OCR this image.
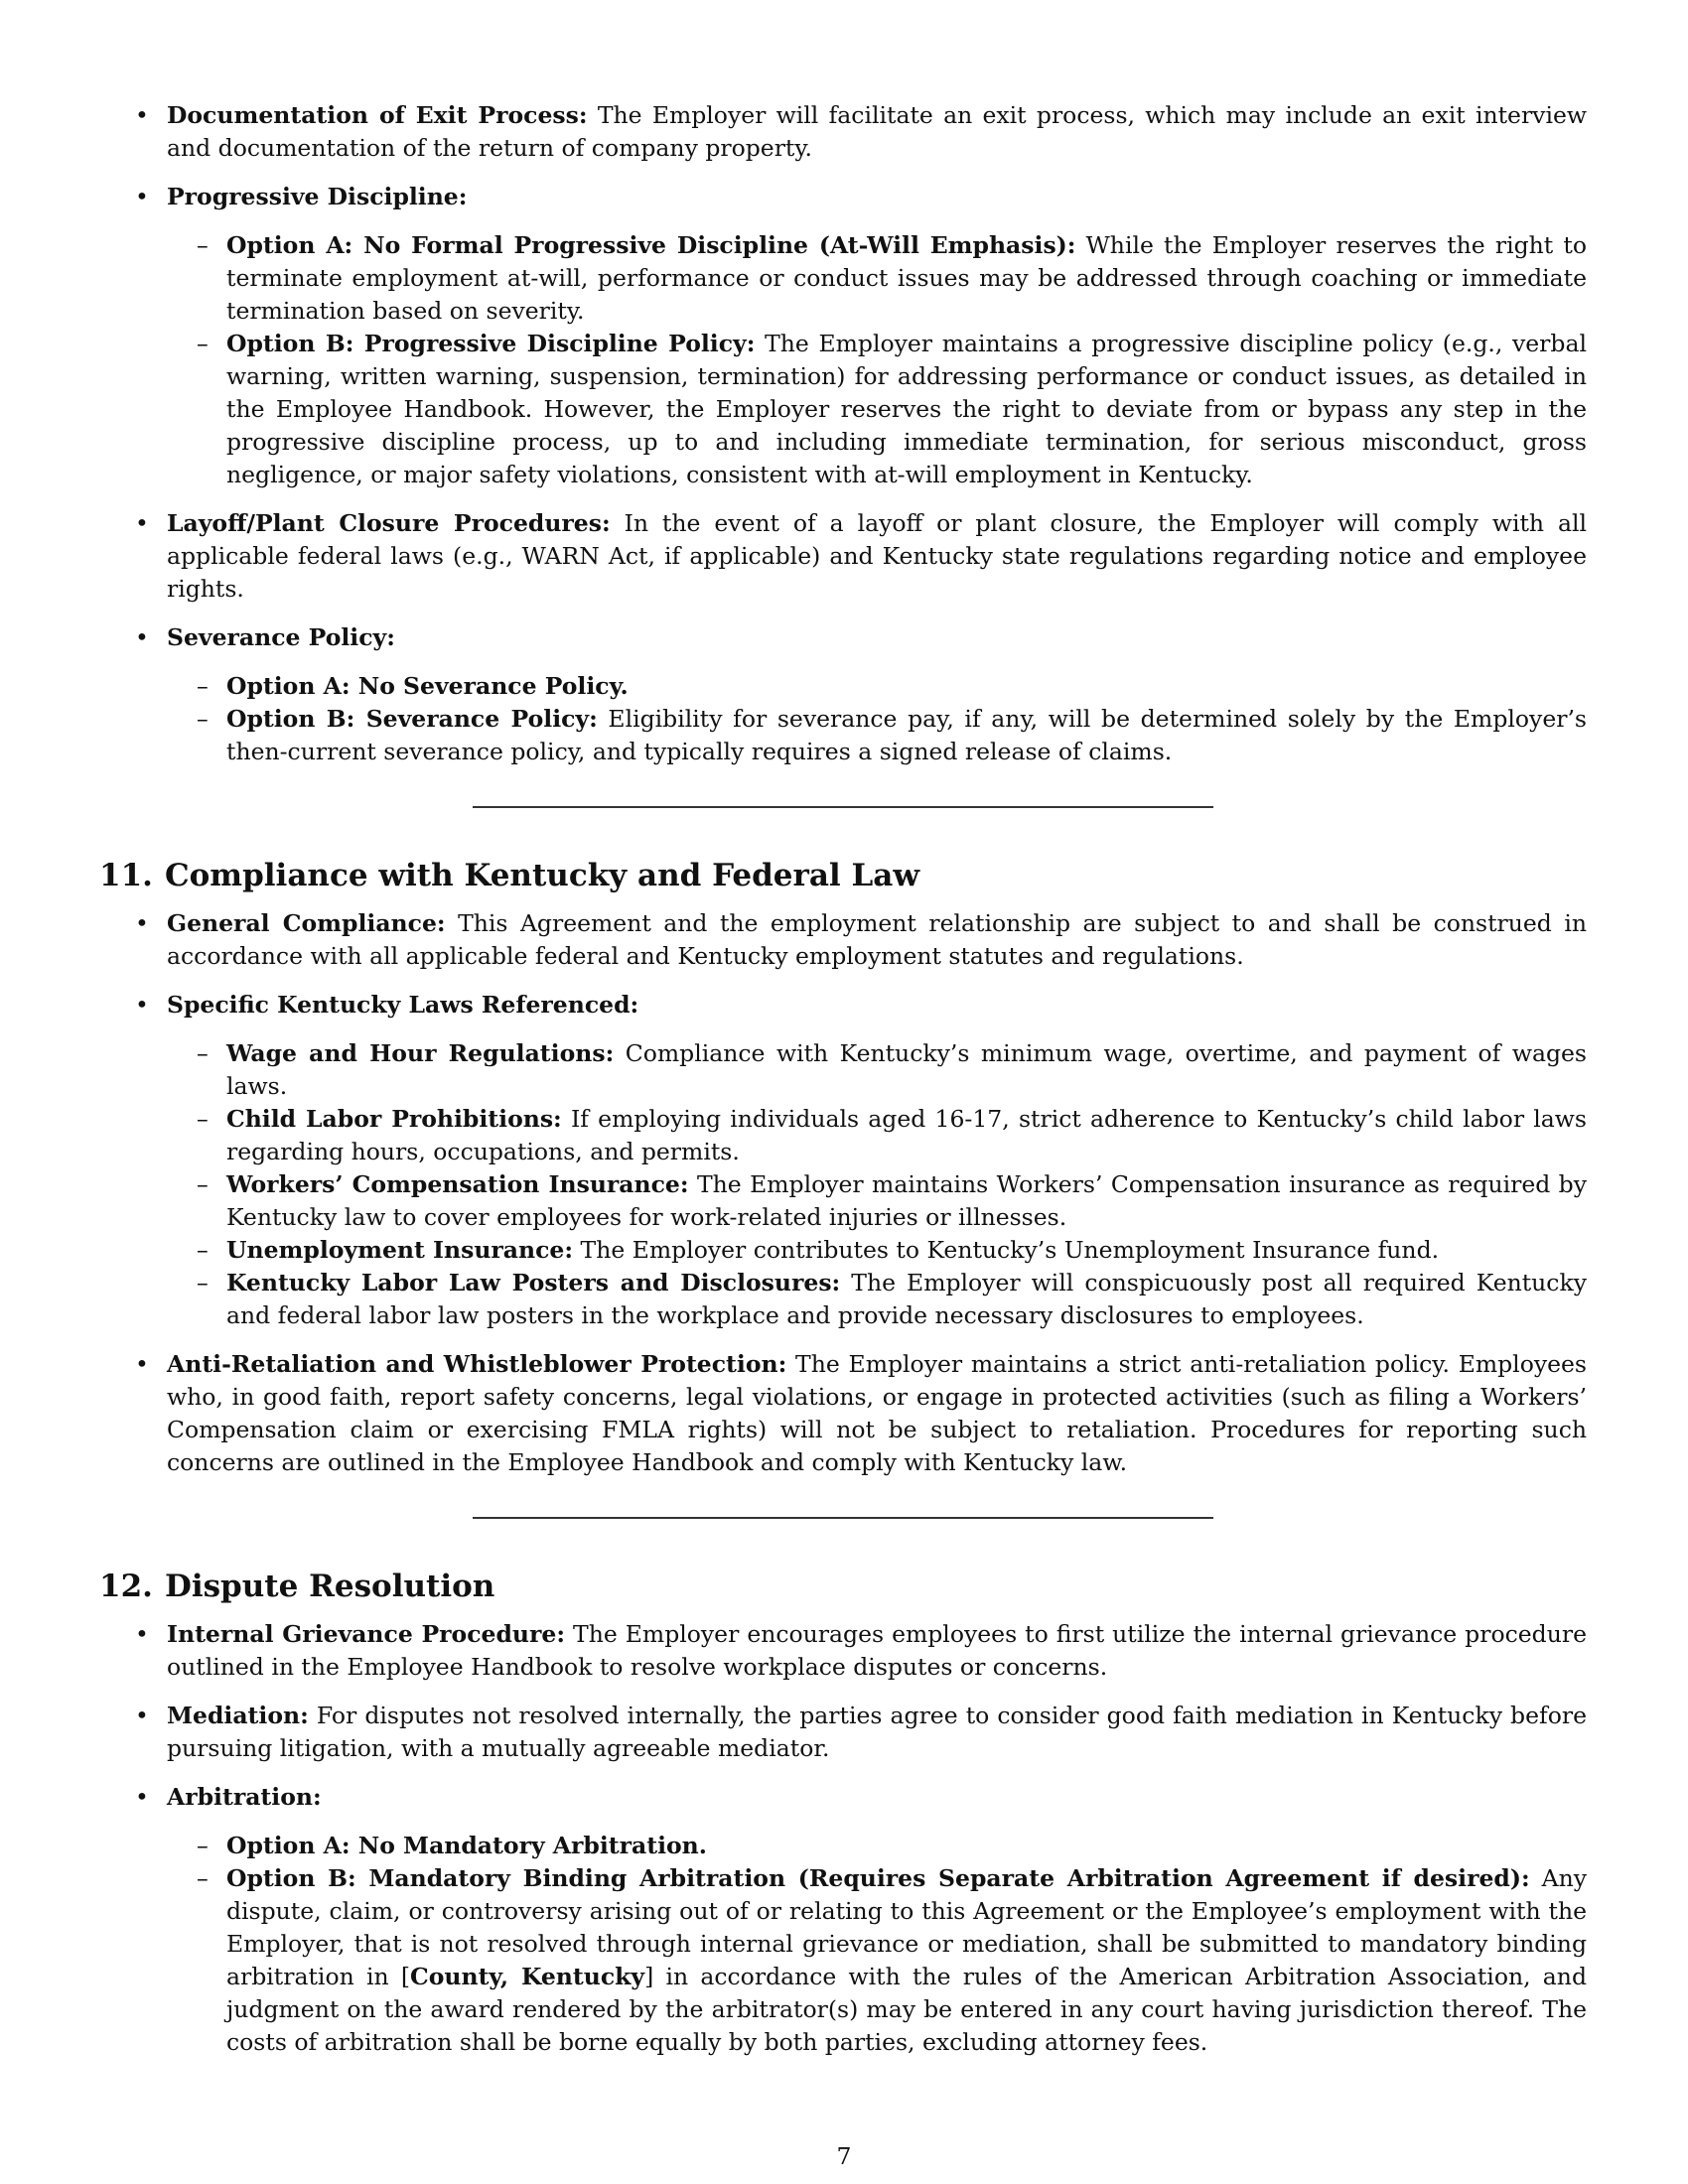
• Documentation of Exit Process: The Employer will facilitate an exit process, which may include an exit interview and documentation of the return of company property.
• Progressive Discipline:
– Option A: No Formal Progressive Discipline (At-Will Emphasis): While the Employer reserves the right to terminate employment at-will, performance or conduct issues may be addressed through coaching or immediate termination based on severity.
– Option B: Progressive Discipline Policy: The Employer maintains a progressive discipline policy (e.g., verbal warning, written warning, suspension, termination) for addressing performance or conduct issues, as detailed in the Employee Handbook. However, the Employer reserves the right to deviate from or bypass any step in the progressive discipline process, up to and including immediate termination, for serious misconduct, gross negligence, or major safety violations, consistent with at-will employment in Kentucky.
• Layoff/Plant Closure Procedures: In the event of a layoff or plant closure, the Employer will comply with all applicable federal laws (e.g., WARN Act, if applicable) and Kentucky state regulations regarding notice and employee rights.
• Severance Policy:
– Option A: No Severance Policy.
– Option B: Severance Policy: Eligibility for severance pay, if any, will be determined solely by the Employer’s then-current severance policy, and typically requires a signed release of claims.
11. Compliance with Kentucky and Federal Law
• General Compliance: This Agreement and the employment relationship are subject to and shall be construed in accordance with all applicable federal and Kentucky employment statutes and regulations.
• Specific Kentucky Laws Referenced:
– Wage and Hour Regulations: Compliance with Kentucky’s minimum wage, overtime, and payment of wages laws.
– Child Labor Prohibitions: If employing individuals aged 16-17, strict adherence to Kentucky’s child labor laws regarding hours, occupations, and permits.
– Workers’ Compensation Insurance: The Employer maintains Workers’ Compensation insurance as required by Kentucky law to cover employees for work-related injuries or illnesses.
– Unemployment Insurance: The Employer contributes to Kentucky’s Unemployment Insurance fund.
– Kentucky Labor Law Posters and Disclosures: The Employer will conspicuously post all required Kentucky and federal labor law posters in the workplace and provide necessary disclosures to employees.
• Anti-Retaliation and Whistleblower Protection: The Employer maintains a strict anti-retaliation policy. Employees who, in good faith, report safety concerns, legal violations, or engage in protected activities (such as filing a Workers’ Compensation claim or exercising FMLA rights) will not be subject to retaliation. Procedures for reporting such concerns are outlined in the Employee Handbook and comply with Kentucky law.
12. Dispute Resolution
• Internal Grievance Procedure: The Employer encourages employees to first utilize the internal grievance procedure outlined in the Employee Handbook to resolve workplace disputes or concerns.
• Mediation: For disputes not resolved internally, the parties agree to consider good faith mediation in Kentucky before pursuing litigation, with a mutually agreeable mediator.
• Arbitration:
– Option A: No Mandatory Arbitration.
– Option B: Mandatory Binding Arbitration (Requires Separate Arbitration Agreement if desired): Any dispute, claim, or controversy arising out of or relating to this Agreement or the Employee’s employment with the Employer, that is not resolved through internal grievance or mediation, shall be submitted to mandatory binding arbitration in [County, Kentucky] in accordance with the rules of the American Arbitration Association, and judgment on the award rendered by the arbitrator(s) may be entered in any court having jurisdiction thereof. The costs of arbitration shall be borne equally by both parties, excluding attorney fees.
7
